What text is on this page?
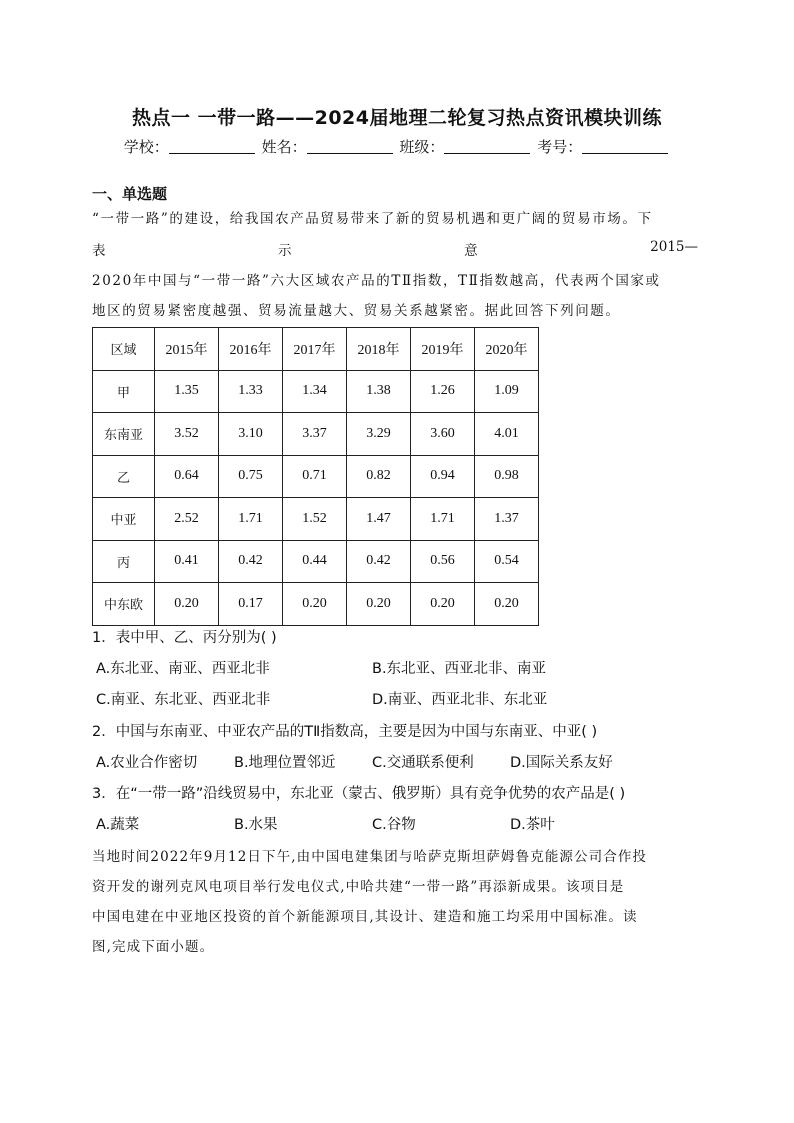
热点一 一带一路——2024届地理二轮复习热点资讯模块训练
学校：	姓名：	班级：	考号：
一、单选题
“一带一路”的建设，给我国农产品贸易带来了新的贸易机遇和更广阔的贸易市场。下
表	示	意	2015—
2020年中国与“一带一路”六大区域农产品的TⅡ指数，TⅡ指数越高，代表两个国家或
地区的贸易紧密度越强、贸易流量越大、贸易关系越紧密。据此回答下列问题。
区域	2015年	2016年	2017年	2018年	2019年	2020年
甲	1.35	1.33	1.34	1.38	1.26	1.09
东南亚	3.52	3.10	3.37	3.29	3.60	4.01
乙	0.64	0.75	0.71	0.82	0.94	0.98
中亚	2.52	1.71	1.52	1.47	1.71	1.37
丙	0.41	0.42	0.44	0.42	0.56	0.54
中东欧	0.20	0.17	0.20	0.20	0.20	0.20
1．表中甲、乙、丙分别为( )
A.东北亚、南亚、西亚北非	B.东北亚、西亚北非、南亚
C.南亚、东北亚、西亚北非	D.南亚、西亚北非、东北亚
2．中国与东南亚、中亚农产品的TⅡ指数高，主要是因为中国与东南亚、中亚( )
A.农业合作密切	B.地理位置邻近	C.交通联系便利	D.国际关系友好
3．在“一带一路”沿线贸易中，东北亚（蒙古、俄罗斯）具有竞争优势的农产品是( )
A.蔬菜	B.水果	C.谷物	D.茶叶
当地时间2022年9月12日下午,由中国电建集团与哈萨克斯坦萨姆鲁克能源公司合作投
资开发的谢列克风电项目举行发电仪式,中哈共建“一带一路”再添新成果。该项目是
中国电建在中亚地区投资的首个新能源项目,其设计、建造和施工均采用中国标准。读
图,完成下面小题。
